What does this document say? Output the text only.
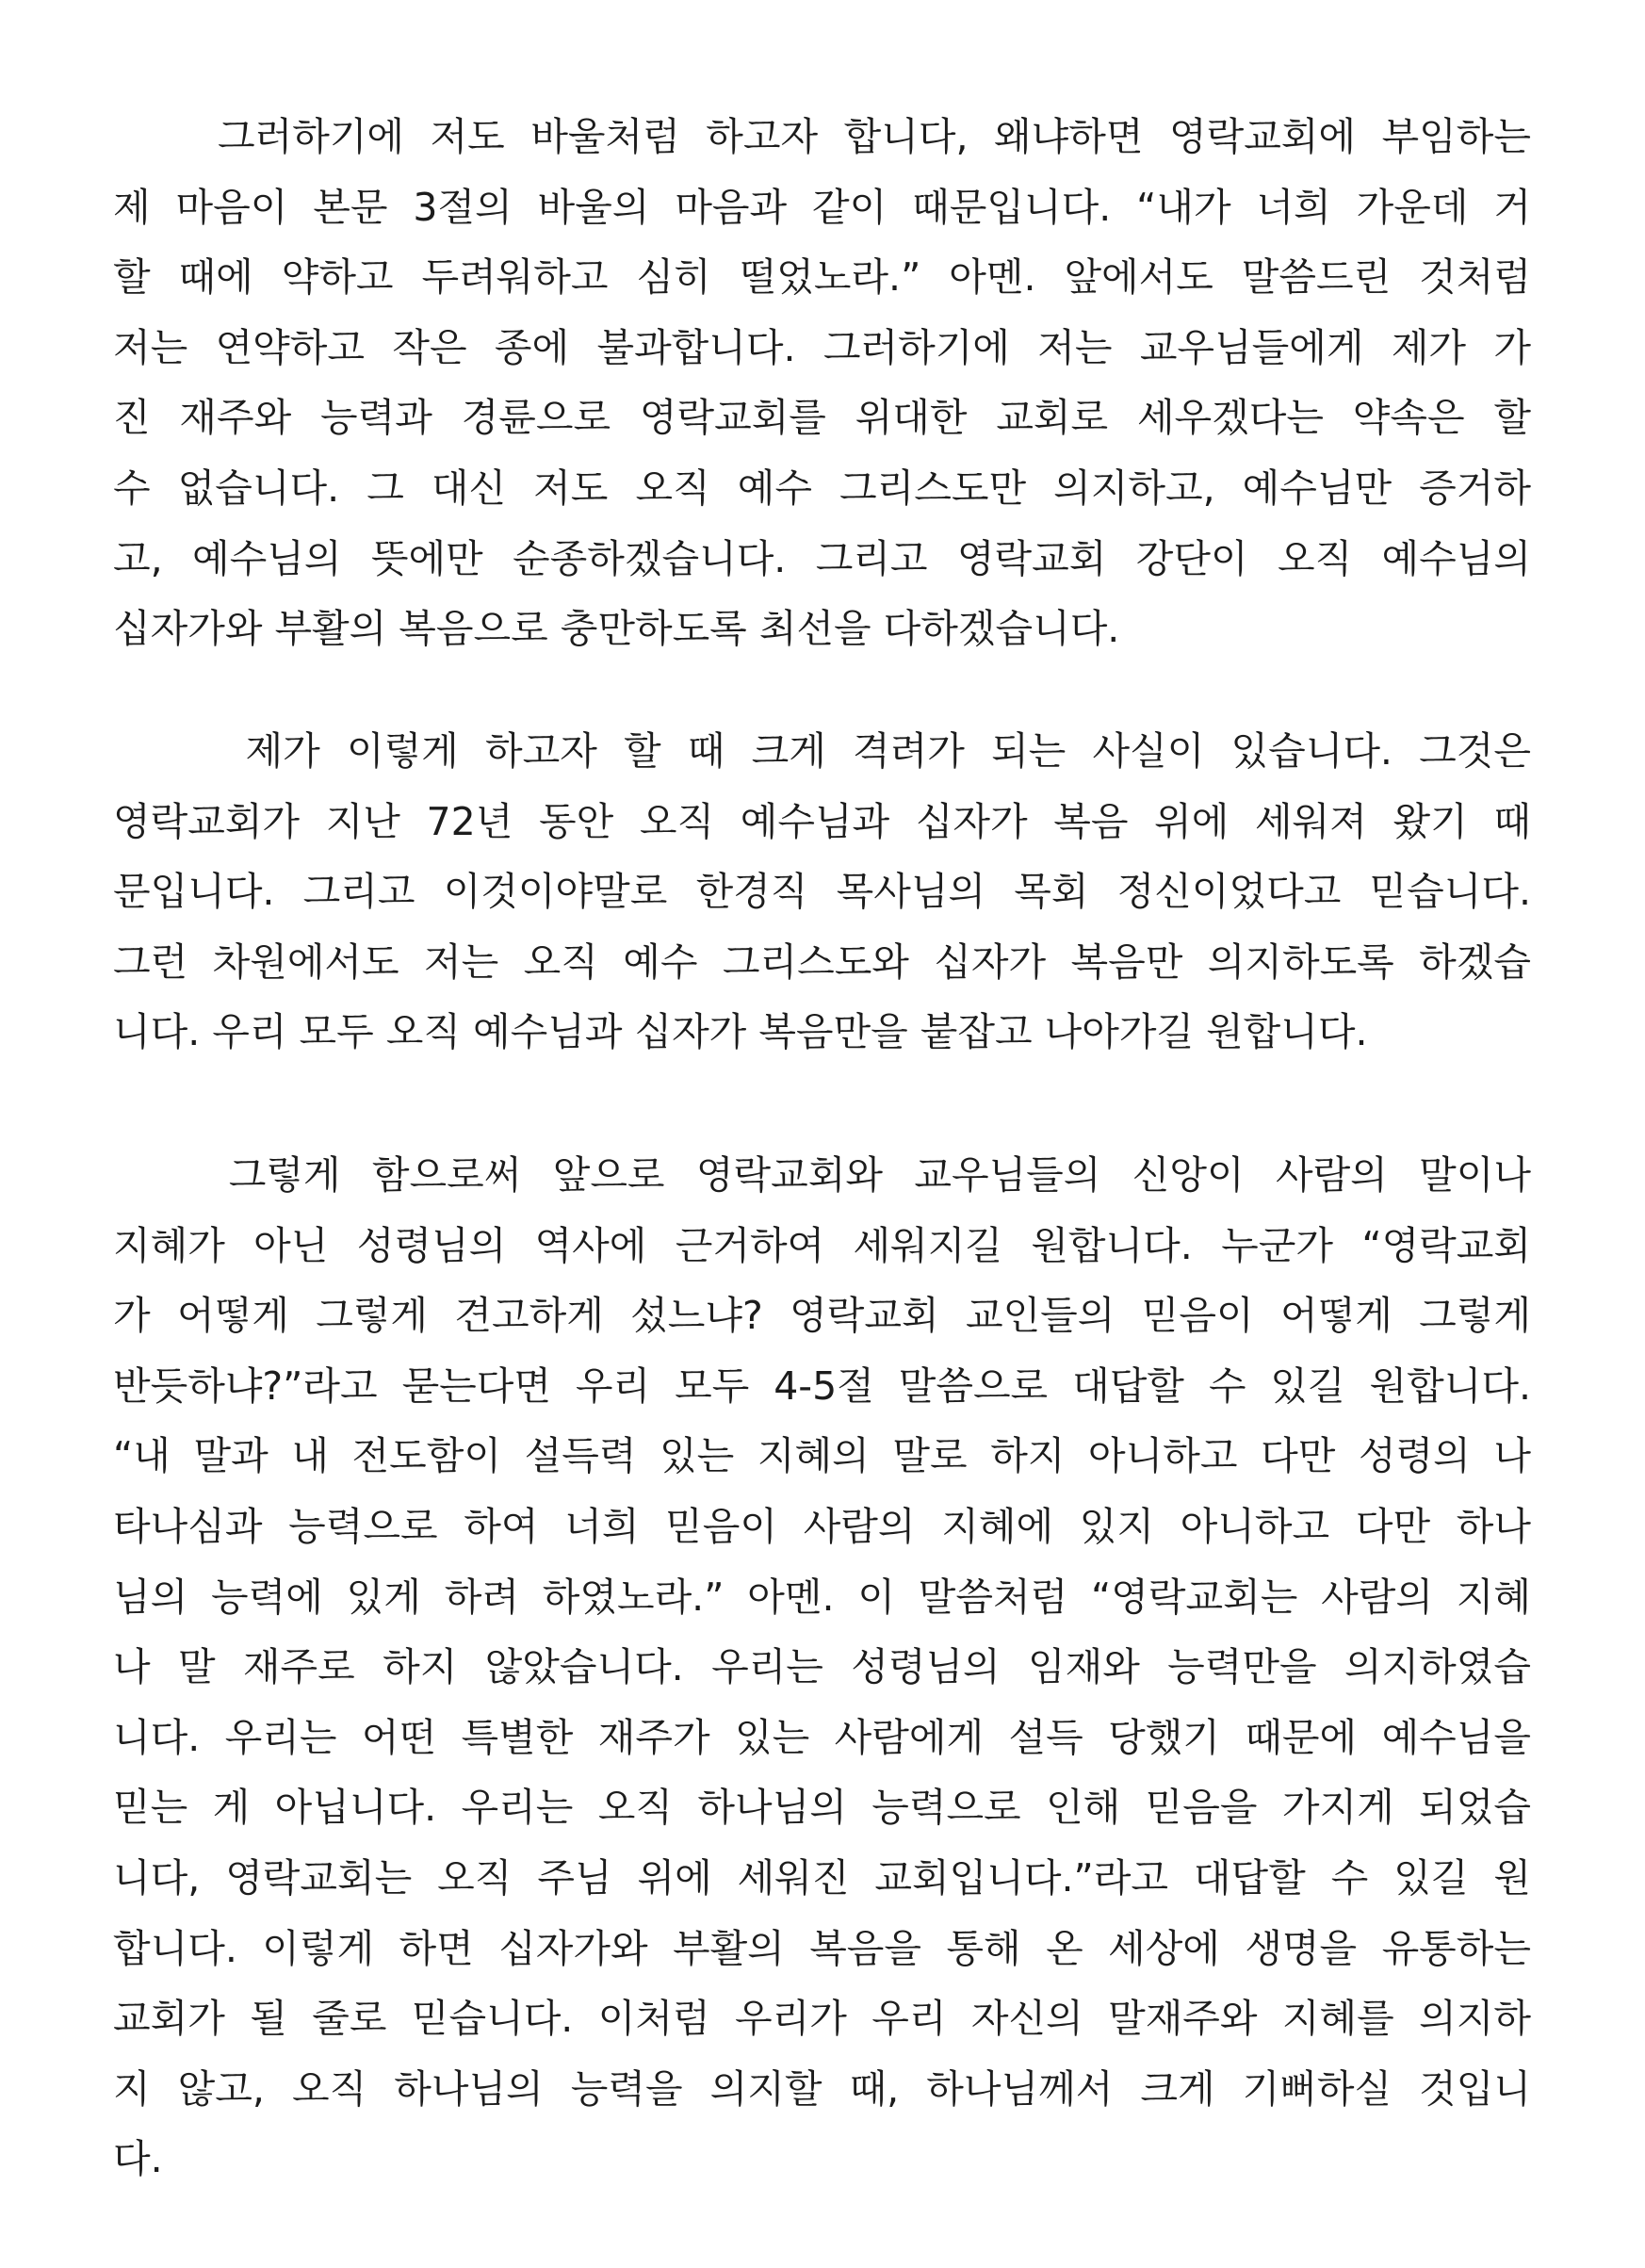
　　그러하기에 저도 바울처럼 하고자 합니다, 왜냐하면 영락교회에 부임하는
제 마음이 본문 3절의 바울의 마음과 같이 때문입니다. “내가 너희 가운데 거
할 때에 약하고 두려워하고 심히 떨었노라.” 아멘. 앞에서도 말씀드린 것처럼
저는 연약하고 작은 종에 불과합니다. 그러하기에 저는 교우님들에게 제가 가
진 재주와 능력과 경륜으로 영락교회를 위대한 교회로 세우겠다는 약속은 할
수 없습니다. 그 대신 저도 오직 예수 그리스도만 의지하고, 예수님만 증거하
고, 예수님의 뜻에만 순종하겠습니다. 그리고 영락교회 강단이 오직 예수님의
십자가와 부활의 복음으로 충만하도록 최선을 다하겠습니다.
　　 제가 이렇게 하고자 할 때 크게 격려가 되는 사실이 있습니다. 그것은
영락교회가 지난 72년 동안 오직 예수님과 십자가 복음 위에 세워져 왔기 때
문입니다. 그리고 이것이야말로 한경직 목사님의 목회 정신이었다고 믿습니다.
그런 차원에서도 저는 오직 예수 그리스도와 십자가 복음만 의지하도록 하겠습
니다. 우리 모두 오직 예수님과 십자가 복음만을 붙잡고 나아가길 원합니다.
　　그렇게 함으로써 앞으로 영락교회와 교우님들의 신앙이 사람의 말이나
지혜가 아닌 성령님의 역사에 근거하여 세워지길 원합니다. 누군가 “영락교회
가 어떻게 그렇게 견고하게 섰느냐? 영락교회 교인들의 믿음이 어떻게 그렇게
반듯하냐?”라고 묻는다면 우리 모두 4-5절 말씀으로 대답할 수 있길 원합니다.
“내 말과 내 전도함이 설득력 있는 지혜의 말로 하지 아니하고 다만 성령의 나
타나심과 능력으로 하여 너희 믿음이 사람의 지혜에 있지 아니하고 다만 하나
님의 능력에 있게 하려 하였노라.” 아멘. 이 말씀처럼 “영락교회는 사람의 지혜
나 말 재주로 하지 않았습니다. 우리는 성령님의 임재와 능력만을 의지하였습
니다. 우리는 어떤 특별한 재주가 있는 사람에게 설득 당했기 때문에 예수님을
믿는 게 아닙니다. 우리는 오직 하나님의 능력으로 인해 믿음을 가지게 되었습
니다, 영락교회는 오직 주님 위에 세워진 교회입니다.”라고 대답할 수 있길 원
합니다. 이렇게 하면 십자가와 부활의 복음을 통해 온 세상에 생명을 유통하는
교회가 될 줄로 믿습니다. 이처럼 우리가 우리 자신의 말재주와 지혜를 의지하
지 않고, 오직 하나님의 능력을 의지할 때, 하나님께서 크게 기뻐하실 것입니
다.
